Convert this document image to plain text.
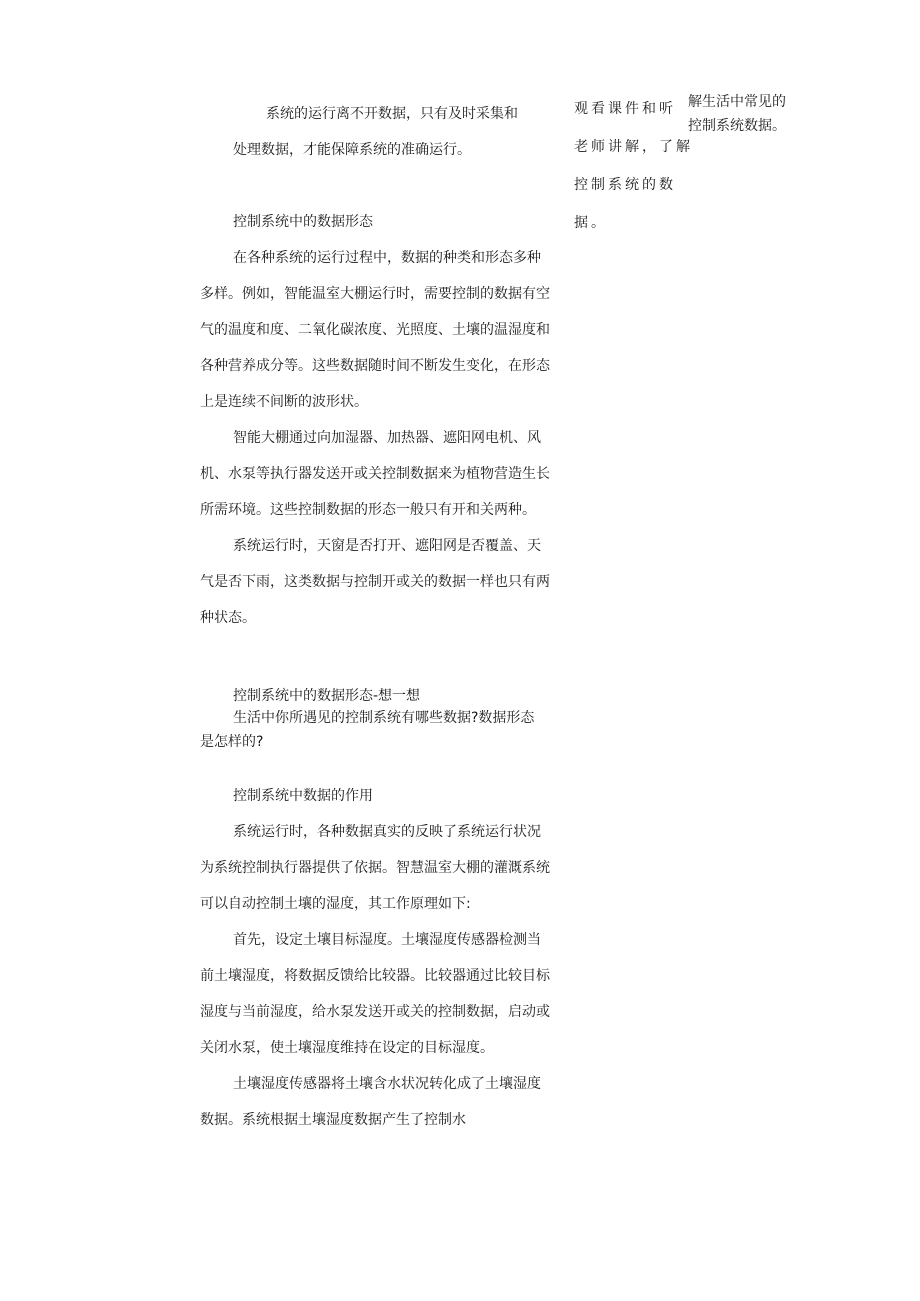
系统的运行离不开数据，只有及时采集和
处理数据，才能保障系统的准确运行。
控制系统中的数据形态
在各种系统的运行过程中，数据的种类和形态多种
多样。例如，智能温室大棚运行时，需要控制的数据有空
气的温度和度、二氧化碳浓度、光照度、土壤的温湿度和
各种营养成分等。这些数据随时间不断发生变化，在形态
上是连续不间断的波形状。
智能大棚通过向加湿器、加热器、遮阳网电机、风
机、水泵等执行器发送开或关控制数据来为植物营造生长
所需环境。这些控制数据的形态一般只有开和关两种。
系统运行时，天窗是否打开、遮阳网是否覆盖、天
气是否下雨，这类数据与控制开或关的数据一样也只有两
种状态。
控制系统中的数据形态-想一想
生活中你所遇见的控制系统有哪些数据?数据形态
是怎样的?
控制系统中数据的作用
系统运行时，各种数据真实的反映了系统运行状况
为系统控制执行器提供了依据。智慧温室大棚的灌溉系统
可以自动控制土壤的湿度，其工作原理如下:
首先，设定土壤目标湿度。土壤湿度传感器检测当
前土壤湿度，将数据反馈给比较器。比较器通过比较目标
湿度与当前湿度，给水泵发送开或关的控制数据，启动或
关闭水泵，使土壤湿度维持在设定的目标湿度。
土壤湿度传感器将土壤含水状况转化成了土壤湿度
数据。系统根据土壤湿度数据产生了控制水
观看课件和听
老师讲解，了解
控制系统的数
据。
解生活中常见的
控制系统数据。
